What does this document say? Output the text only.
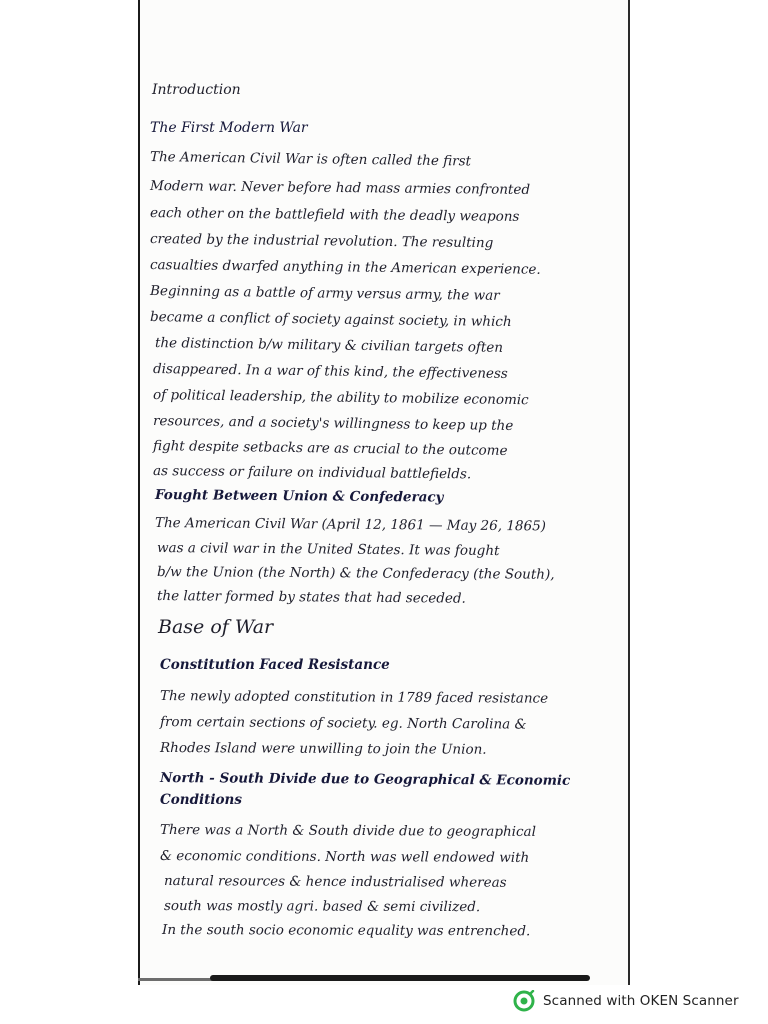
Introduction

The First Modern War

The American Civil War is often called the first

Modern war. Never before had mass armies confronted

each other on the battlefield with the deadly weapons

created by the industrial revolution. The resulting

casualties dwarfed anything in the American experience.

Beginning as a battle of army versus army, the war

became a conflict of society against society, in which

the distinction b/w military & civilian targets often

disappeared. In a war of this kind, the effectiveness

of political leadership, the ability to mobilize economic

resources, and a society's willingness to keep up the

fight despite setbacks are as crucial to the outcome

as success or failure on individual battlefields.

Fought Between Union & Confederacy

The American Civil War (April 12, 1861 — May 26, 1865)

was a civil war in the United States. It was fought

b/w the Union (the North) & the Confederacy (the South),

the latter formed by states that had seceded.

Base of War

Constitution Faced Resistance

The newly adopted constitution in 1789 faced resistance

from certain sections of society. eg. North Carolina &

Rhodes Island were unwilling to join the Union.

North - South Divide due to Geographical & Economic

Conditions

There was a North & South divide due to geographical

& economic conditions. North was well endowed with

natural resources & hence industrialised whereas

south was mostly agri. based & semi civilized.

In the south socio economic equality was entrenched.

Scanned with OKEN Scanner
